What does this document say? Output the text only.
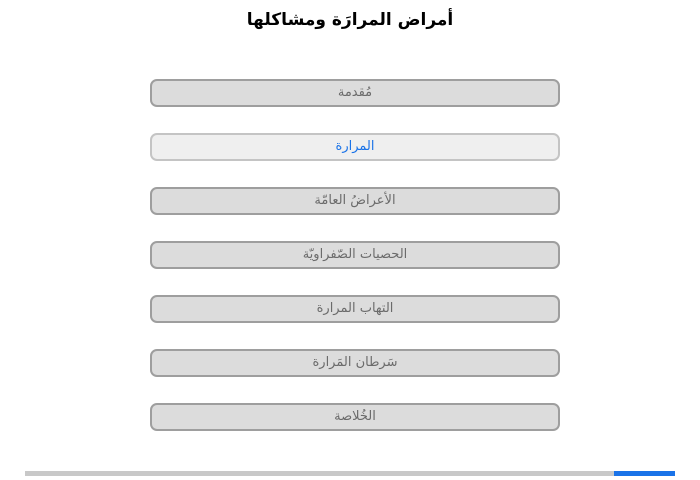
أمراض المرارَة ومشاكلها
مُقدمة
المرارة
الأعراضُ العامّة
الحصيات الصّفراويّة
التهاب المرارة
سَرطان المَرارة
الخُلاصة
